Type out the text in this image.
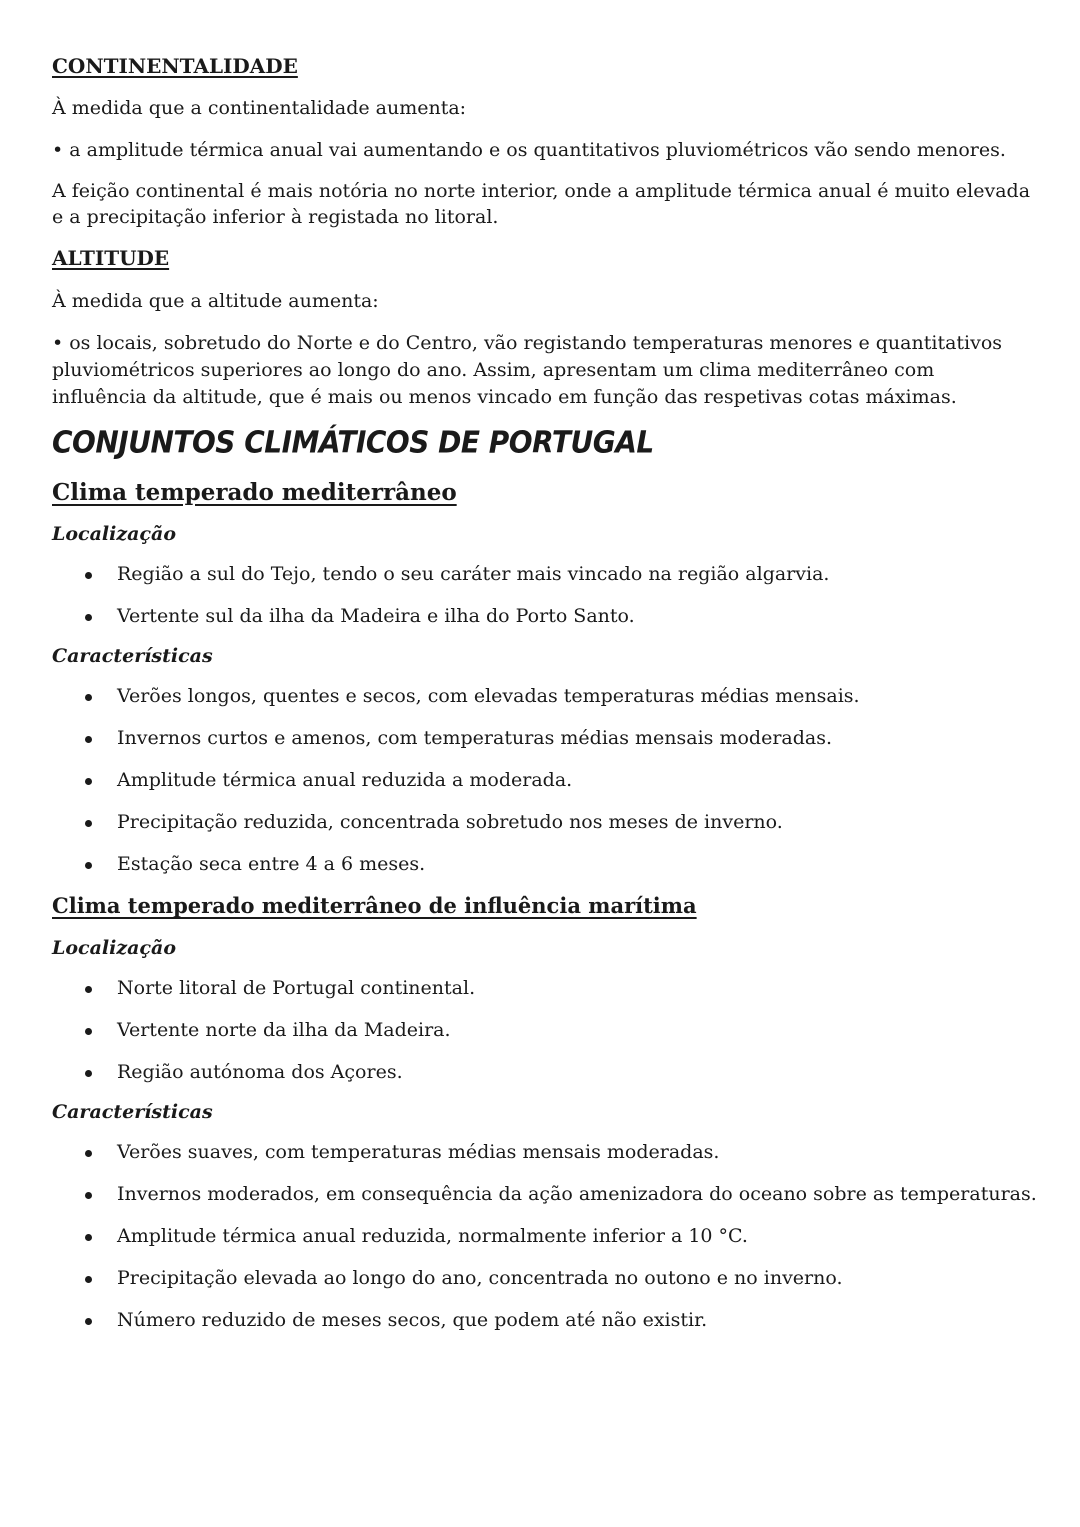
CONTINENTALIDADE

À medida que a continentalidade aumenta:

• a amplitude térmica anual vai aumentando e os quantitativos pluviométricos vão sendo menores.

A feição continental é mais notória no norte interior, onde a amplitude térmica anual é muito elevada e a precipitação inferior à registada no litoral.

ALTITUDE

À medida que a altitude aumenta:

• os locais, sobretudo do Norte e do Centro, vão registando temperaturas menores e quantitativos pluviométricos superiores ao longo do ano. Assim, apresentam um clima mediterrâneo com influência da altitude, que é mais ou menos vincado em função das respetivas cotas máximas.

CONJUNTOS CLIMÁTICOS DE PORTUGAL
Clima temperado mediterrâneo
Localização
Região a sul do Tejo, tendo o seu caráter mais vincado na região algarvia.
Vertente sul da ilha da Madeira e ilha do Porto Santo.
Características
Verões longos, quentes e secos, com elevadas temperaturas médias mensais.
Invernos curtos e amenos, com temperaturas médias mensais moderadas.
Amplitude térmica anual reduzida a moderada.
Precipitação reduzida, concentrada sobretudo nos meses de inverno.
Estação seca entre 4 a 6 meses.
Clima temperado mediterrâneo de influência marítima
Localização
Norte litoral de Portugal continental.
Vertente norte da ilha da Madeira.
Região autónoma dos Açores.
Características
Verões suaves, com temperaturas médias mensais moderadas.
Invernos moderados, em consequência da ação amenizadora do oceano sobre as temperaturas.
Amplitude térmica anual reduzida, normalmente inferior a 10 °C.
Precipitação elevada ao longo do ano, concentrada no outono e no inverno.
Número reduzido de meses secos, que podem até não existir.
